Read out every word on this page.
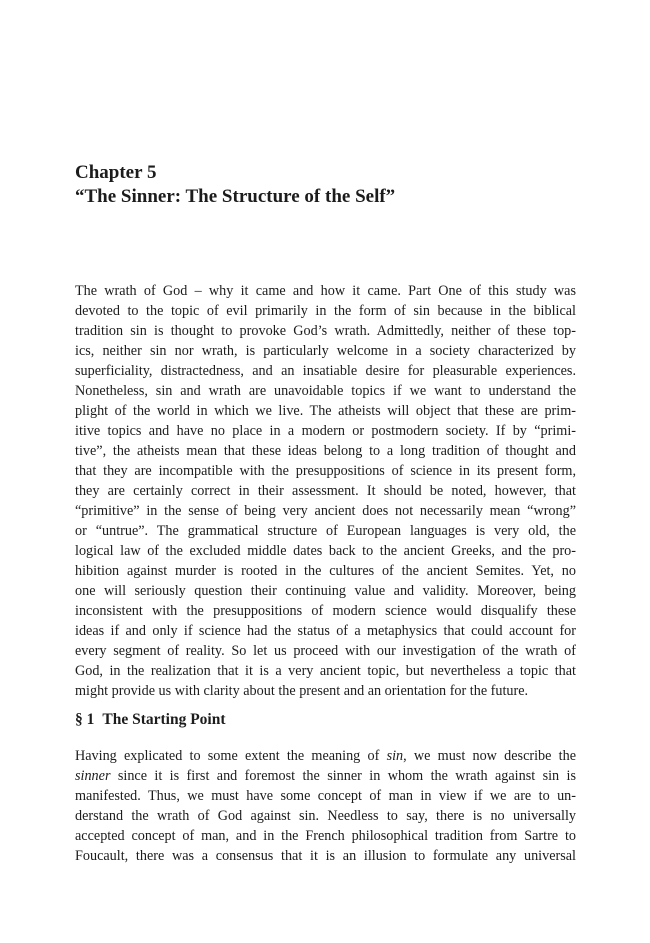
Chapter 5
“The Sinner: The Structure of the Self”
The wrath of God – why it came and how it came. Part One of this study was
devoted to the topic of evil primarily in the form of sin because in the biblical
tradition sin is thought to provoke God’s wrath. Admittedly, neither of these top-
ics, neither sin nor wrath, is particularly welcome in a society characterized by
superficiality, distractedness, and an insatiable desire for pleasurable experiences.
Nonetheless, sin and wrath are unavoidable topics if we want to understand the
plight of the world in which we live. The atheists will object that these are prim-
itive topics and have no place in a modern or postmodern society. If by “primi-
tive”, the atheists mean that these ideas belong to a long tradition of thought and
that they are incompatible with the presuppositions of science in its present form,
they are certainly correct in their assessment. It should be noted, however, that
“primitive” in the sense of being very ancient does not necessarily mean “wrong”
or “untrue”. The grammatical structure of European languages is very old, the
logical law of the excluded middle dates back to the ancient Greeks, and the pro-
hibition against murder is rooted in the cultures of the ancient Semites. Yet, no
one will seriously question their continuing value and validity. Moreover, being
inconsistent with the presuppositions of modern science would disqualify these
ideas if and only if science had the status of a metaphysics that could account for
every segment of reality. So let us proceed with our investigation of the wrath of
God, in the realization that it is a very ancient topic, but nevertheless a topic that
might provide us with clarity about the present and an orientation for the future.
§ 1 The Starting Point
Having explicated to some extent the meaning of sin, we must now describe the
sinner since it is first and foremost the sinner in whom the wrath against sin is
manifested. Thus, we must have some concept of man in view if we are to un-
derstand the wrath of God against sin. Needless to say, there is no universally
accepted concept of man, and in the French philosophical tradition from Sartre to
Foucault, there was a consensus that it is an illusion to formulate any universal
